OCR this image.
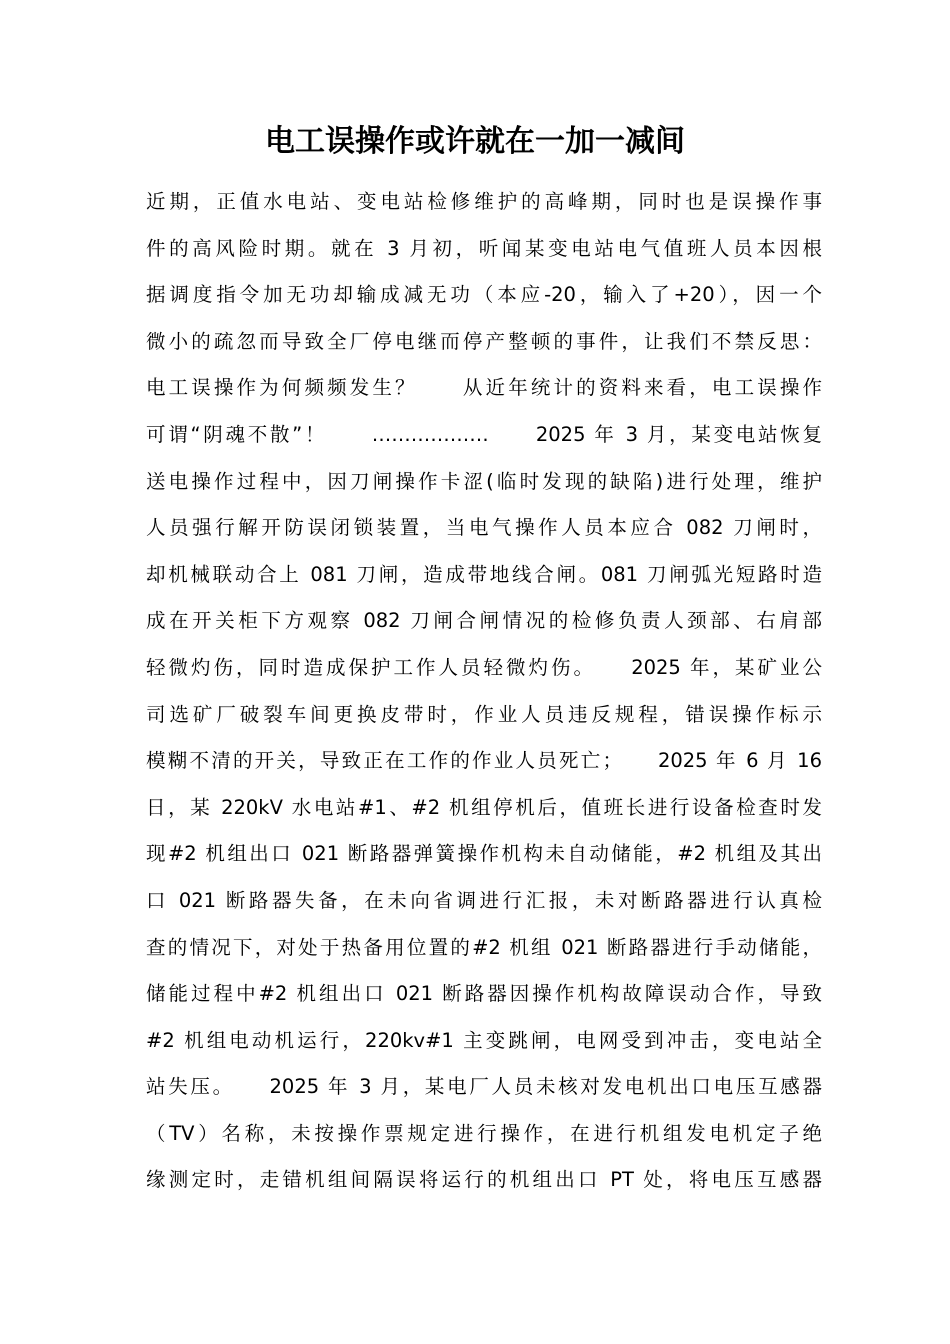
电工误操作或许就在一加一减间
近期，正值水电站、变电站检修维护的高峰期，同时也是误操作事
件的高风险时期。就在 3 月初，听闻某变电站电气值班人员本因根
据调度指令加无功却输成减无功（本应-20，输入了+20），因一个
微小的疏忽而导致全厂停电继而停产整顿的事件，让我们不禁反思：
电工误操作为何频频发生？　　从近年统计的资料来看，电工误操作
可谓“阴魂不散”！　　………………　　2025 年 3 月，某变电站恢复
送电操作过程中，因刀闸操作卡涩(临时发现的缺陷)进行处理，维护
人员强行解开防误闭锁装置，当电气操作人员本应合 082 刀闸时，
却机械联动合上 081 刀闸，造成带地线合闸。081 刀闸弧光短路时造
成在开关柜下方观察 082 刀闸合闸情况的检修负责人颈部、右肩部
轻微灼伤，同时造成保护工作人员轻微灼伤。　　2025 年，某矿业公
司选矿厂破裂车间更换皮带时，作业人员违反规程，错误操作标示
模糊不清的开关，导致正在工作的作业人员死亡；　　2025 年 6 月 16
日，某 220kV 水电站#1、#2 机组停机后，值班长进行设备检查时发
现#2 机组出口 021 断路器弹簧操作机构未自动储能，#2 机组及其出
口 021 断路器失备，在未向省调进行汇报，未对断路器进行认真检
查的情况下，对处于热备用位置的#2 机组 021 断路器进行手动储能，
储能过程中#2 机组出口 021 断路器因操作机构故障误动合作，导致
#2 机组电动机运行，220kv#1 主变跳闸，电网受到冲击，变电站全
站失压。　　2025 年 3 月，某电厂人员未核对发电机出口电压互感器
（TV）名称，未按操作票规定进行操作，在进行机组发电机定子绝
缘测定时，走错机组间隔误将运行的机组出口 PT 处，将电压互感器
